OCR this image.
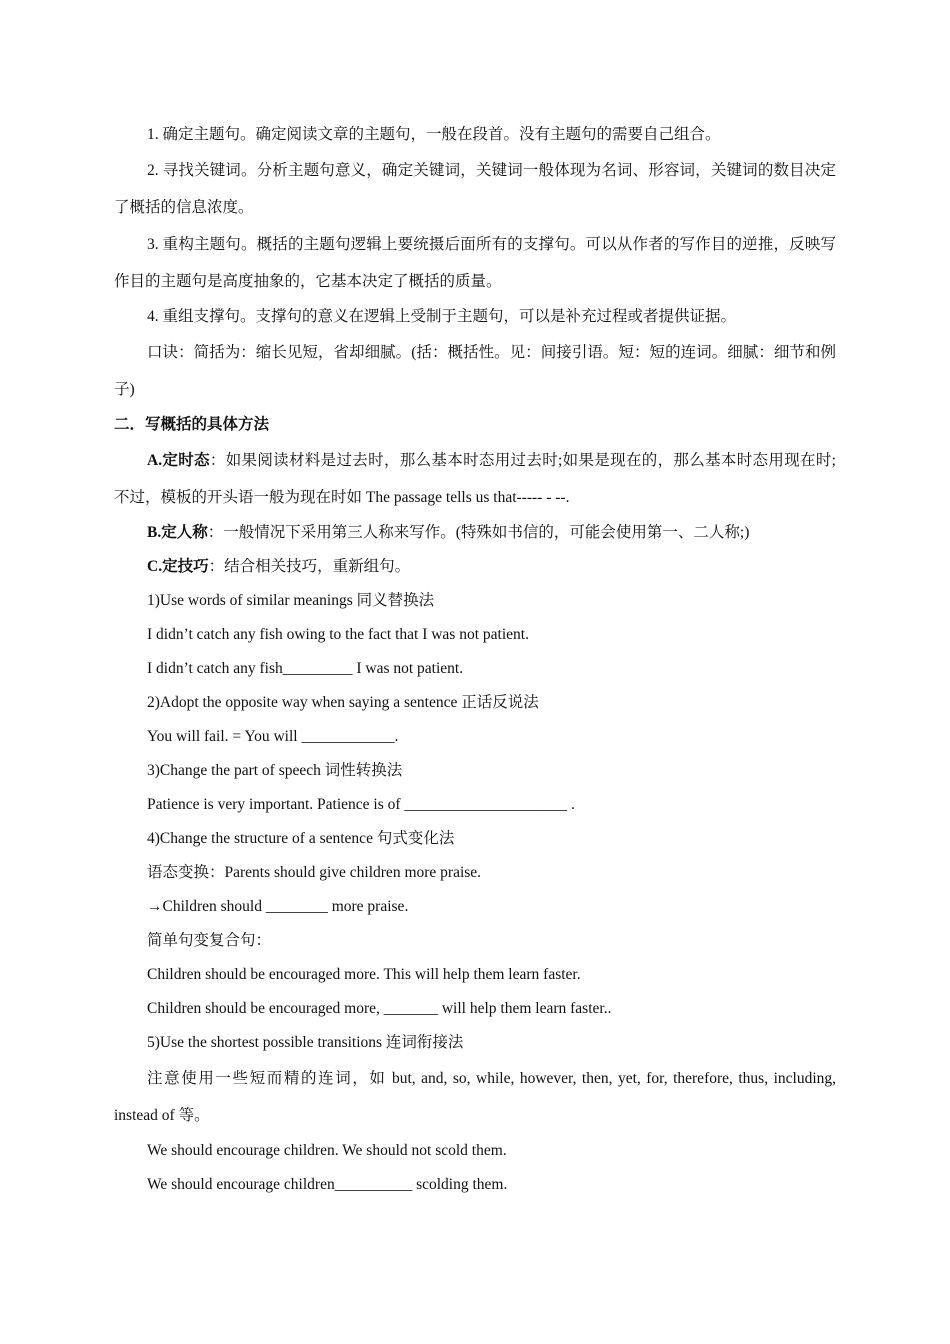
1. 确定主题句。确定阅读文章的主题句，一般在段首。没有主题句的需要自己组合。

2. 寻找关键词。分析主题句意义，确定关键词，关键词一般体现为名词、形容词，关键词的数目决定了概括的信息浓度。

3. 重构主题句。概括的主题句逻辑上要统摄后面所有的支撑句。可以从作者的写作目的逆推，反映写作目的主题句是高度抽象的，它基本决定了概括的质量。

4. 重组支撑句。支撑句的意义在逻辑上受制于主题句，可以是补充过程或者提供证据。

口诀：简括为：缩长见短，省却细腻。(括：概括性。见：间接引语。短：短的连词。细腻：细节和例子)

二．写概括的具体方法

A.定时态：如果阅读材料是过去时，那么基本时态用过去时;如果是现在的，那么基本时态用现在时;不过，模板的开头语一般为现在时如 The passage tells us that----- - --.

B.定人称：一般情况下采用第三人称来写作。(特殊如书信的，可能会使用第一、二人称;)

C.定技巧：结合相关技巧，重新组句。

1)Use words of similar meanings 同义替换法

I didn’t catch any fish owing to the fact that I was not patient.

I didn’t catch any fish_________ I was not patient.

2)Adopt the opposite way when saying a sentence 正话反说法

You will fail. = You will ____________.

3)Change the part of speech 词性转换法

Patience is very important. Patience is of _____________________ .

4)Change the structure of a sentence 句式变化法

语态变换：Parents should give children more praise.

→Children should ________ more praise.

简单句变复合句：

Children should be encouraged more. This will help them learn faster.

Children should be encouraged more, _______ will help them learn faster..

5)Use the shortest possible transitions 连词衔接法

注意使用一些短而精的连词，如 but, and, so, while, however, then, yet, for, therefore, thus, including, instead of 等。

We should encourage children. We should not scold them.

We should encourage children__________ scolding them.
